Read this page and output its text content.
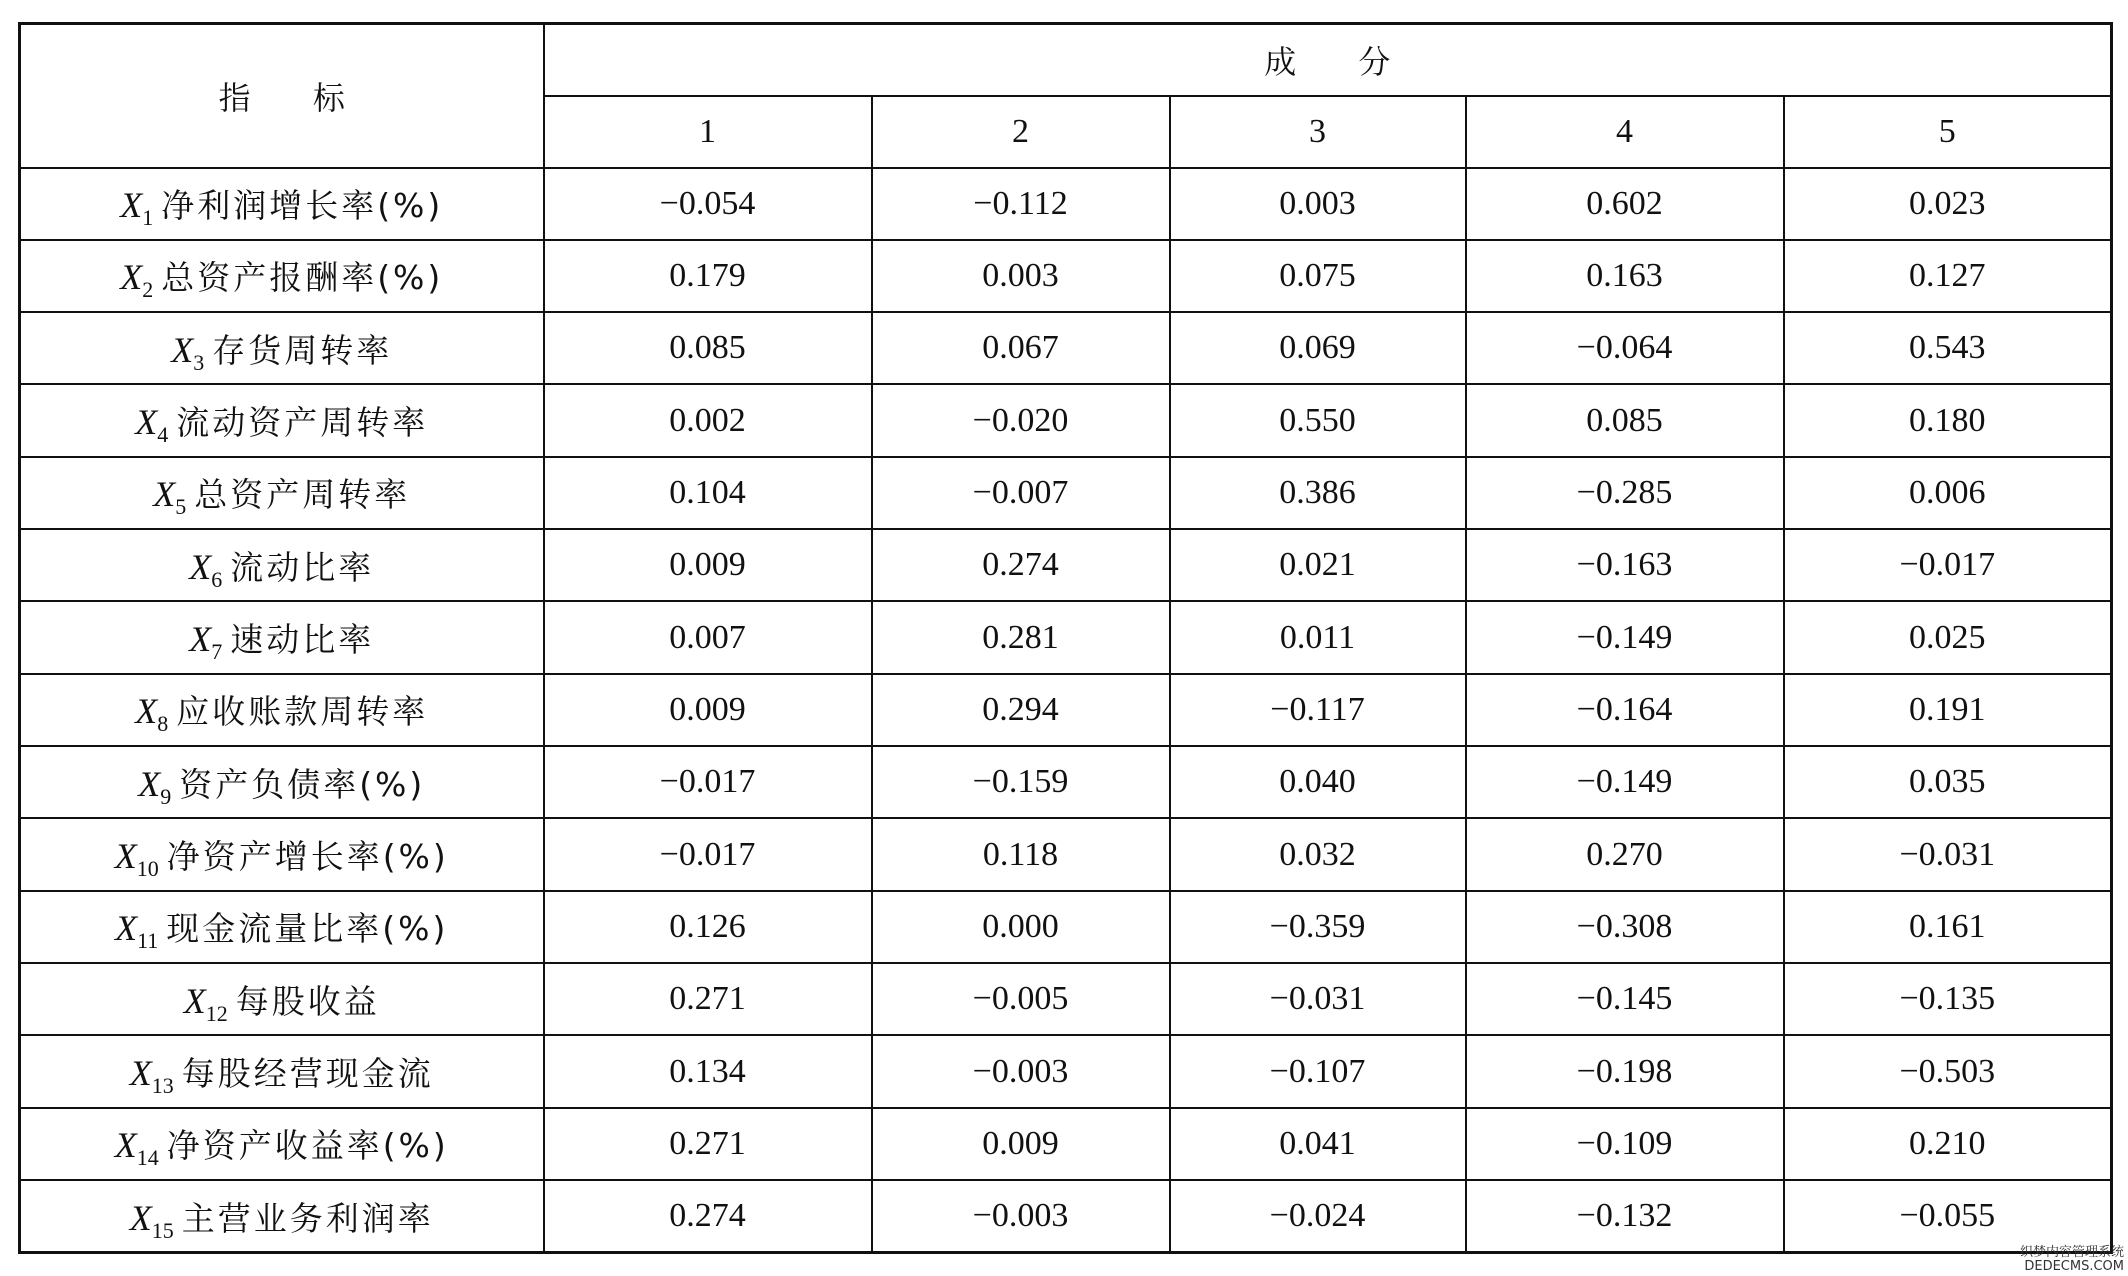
指 标	成 分				
	1	2	3	4	5
X1 净利润增长率(%)	−0.054	−0.112	0.003	0.602	0.023
X2 总资产报酬率(%)	0.179	0.003	0.075	0.163	0.127
X3 存货周转率	0.085	0.067	0.069	−0.064	0.543
X4 流动资产周转率	0.002	−0.020	0.550	0.085	0.180
X5 总资产周转率	0.104	−0.007	0.386	−0.285	0.006
X6 流动比率	0.009	0.274	0.021	−0.163	−0.017
X7 速动比率	0.007	0.281	0.011	−0.149	0.025
X8 应收账款周转率	0.009	0.294	−0.117	−0.164	0.191
X9 资产负债率(%)	−0.017	−0.159	0.040	−0.149	0.035
X10 净资产增长率(%)	−0.017	0.118	0.032	0.270	−0.031
X11 现金流量比率(%)	0.126	0.000	−0.359	−0.308	0.161
X12 每股收益	0.271	−0.005	−0.031	−0.145	−0.135
X13 每股经营现金流	0.134	−0.003	−0.107	−0.198	−0.503
X14 净资产收益率(%)	0.271	0.009	0.041	−0.109	0.210
X15 主营业务利润率	0.274	−0.003	−0.024	−0.132	−0.055
织梦内容管理系统
DEDECMS.COM
